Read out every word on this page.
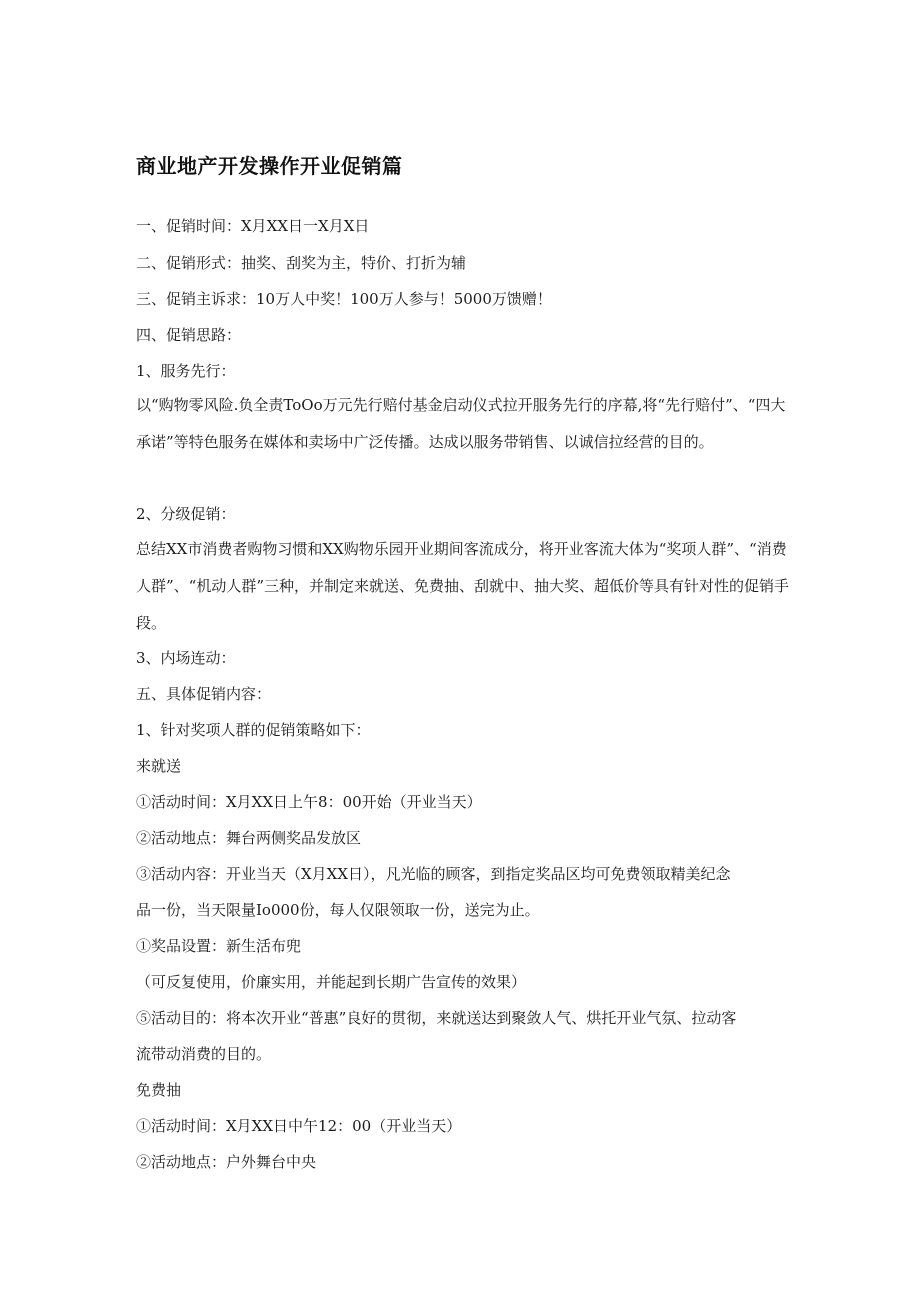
商业地产开发操作开业促销篇
一、促销时间：X月XX日一X月X日
二、促销形式：抽奖、刮奖为主，特价、打折为辅
三、促销主诉求：10万人中奖！100万人参与！5000万馈赠！
四、促销思路：
1、服务先行：
以“购物零风险.负全责ToOo万元先行赔付基金启动仪式拉开服务先行的序幕,将“先行赔付”、“四大承诺”等特色服务在媒体和卖场中广泛传播。达成以服务带销售、以诚信拉经营的目的。
2、分级促销：
总结XX市消费者购物习惯和XX购物乐园开业期间客流成分，将开业客流大体为“奖项人群”、“消费人群”、“机动人群”三种，并制定来就送、免费抽、刮就中、抽大奖、超低价等具有针对性的促销手段。
3、内场连动：
五、具体促销内容：
1、针对奖项人群的促销策略如下：
来就送
①活动时间：X月XX日上午8：00开始（开业当天）
②活动地点：舞台两侧奖品发放区
③活动内容：开业当天（X月XX日），凡光临的顾客，到指定奖品区均可免费领取精美纪念
品一份，当天限量Io000份，每人仅限领取一份，送完为止。
①奖品设置：新生活布兜
（可反复使用，价廉实用，并能起到长期广告宣传的效果）
⑤活动目的：将本次开业“普惠”良好的贯彻，来就送达到聚敛人气、烘托开业气氛、拉动客
流带动消费的目的。
免费抽
①活动时间：X月XX日中午12：00（开业当天）
②活动地点：户外舞台中央
